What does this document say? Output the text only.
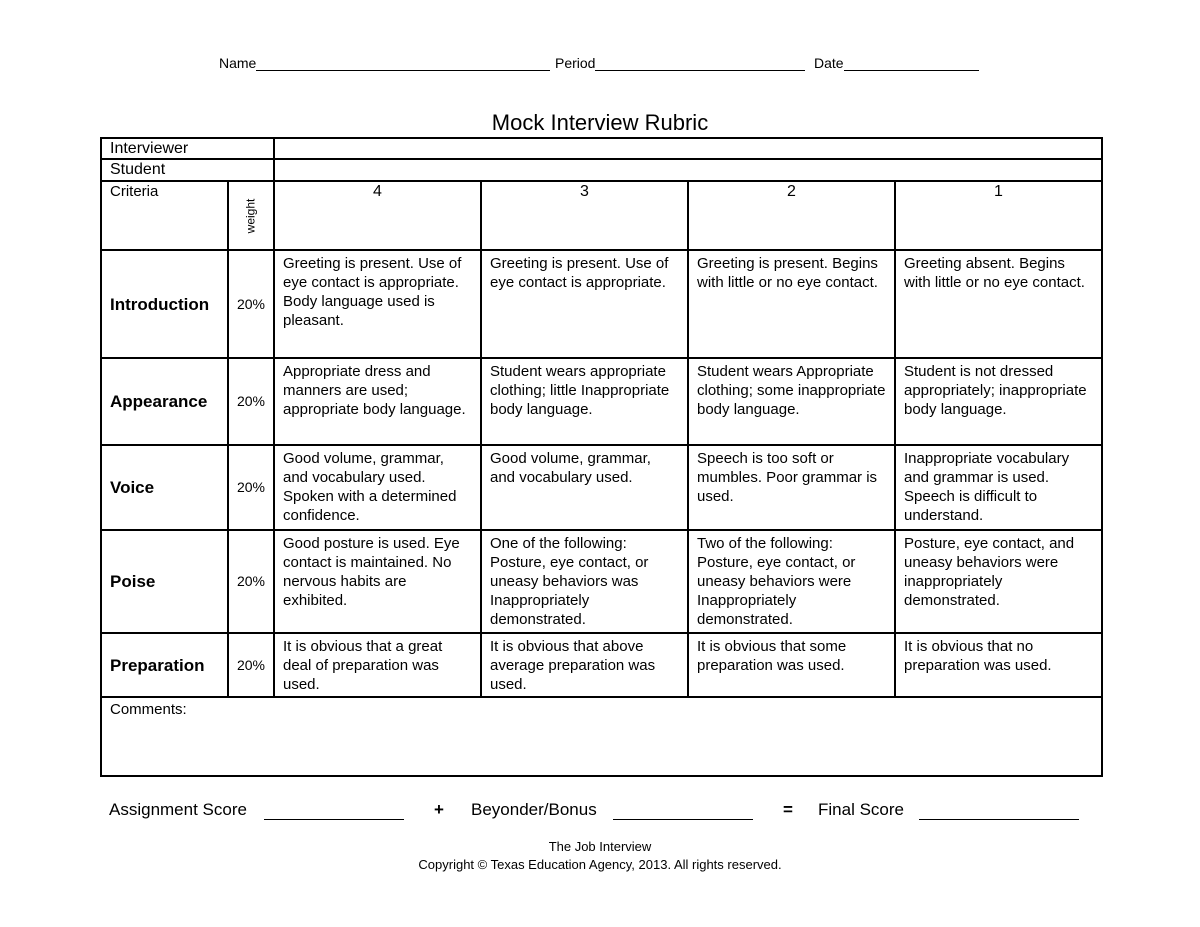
Name	Period	Date
Mock Interview Rubric
Interviewer					
Student					
Criteria	weight	4	3	2	1
Introduction	20%	Greeting is present. Use of eye contact is appropriate. Body language used is pleasant.	Greeting is present. Use of eye contact is appropriate.	Greeting is present. Begins with little or no eye contact.	Greeting absent. Begins with little or no eye contact.
Appearance	20%	Appropriate dress and manners are used; appropriate body language.	Student wears appropriate clothing; little Inappropriate body language.	Student wears Appropriate clothing; some inappropriate body language.	Student is not dressed appropriately; inappropriate body language.
Voice	20%	Good volume, grammar, and vocabulary used. Spoken with a determined confidence.	Good volume, grammar, and vocabulary used.	Speech is too soft or mumbles. Poor grammar is used.	Inappropriate vocabulary and grammar is used. Speech is difficult to understand.
Poise	20%	Good posture is used. Eye contact is maintained. No nervous habits are exhibited.	One of the following: Posture, eye contact, or uneasy behaviors was Inappropriately demonstrated.	Two of the following: Posture, eye contact, or uneasy behaviors were Inappropriately demonstrated.	Posture, eye contact, and uneasy behaviors were inappropriately demonstrated.
Preparation	20%	It is obvious that a great deal of preparation was used.	It is obvious that above average preparation was used.	It is obvious that some preparation was used.	It is obvious that no preparation was used.
Comments:					
Assignment Score	+ Beyonder/Bonus	= Final Score
The Job Interview
Copyright © Texas Education Agency, 2013. All rights reserved.
